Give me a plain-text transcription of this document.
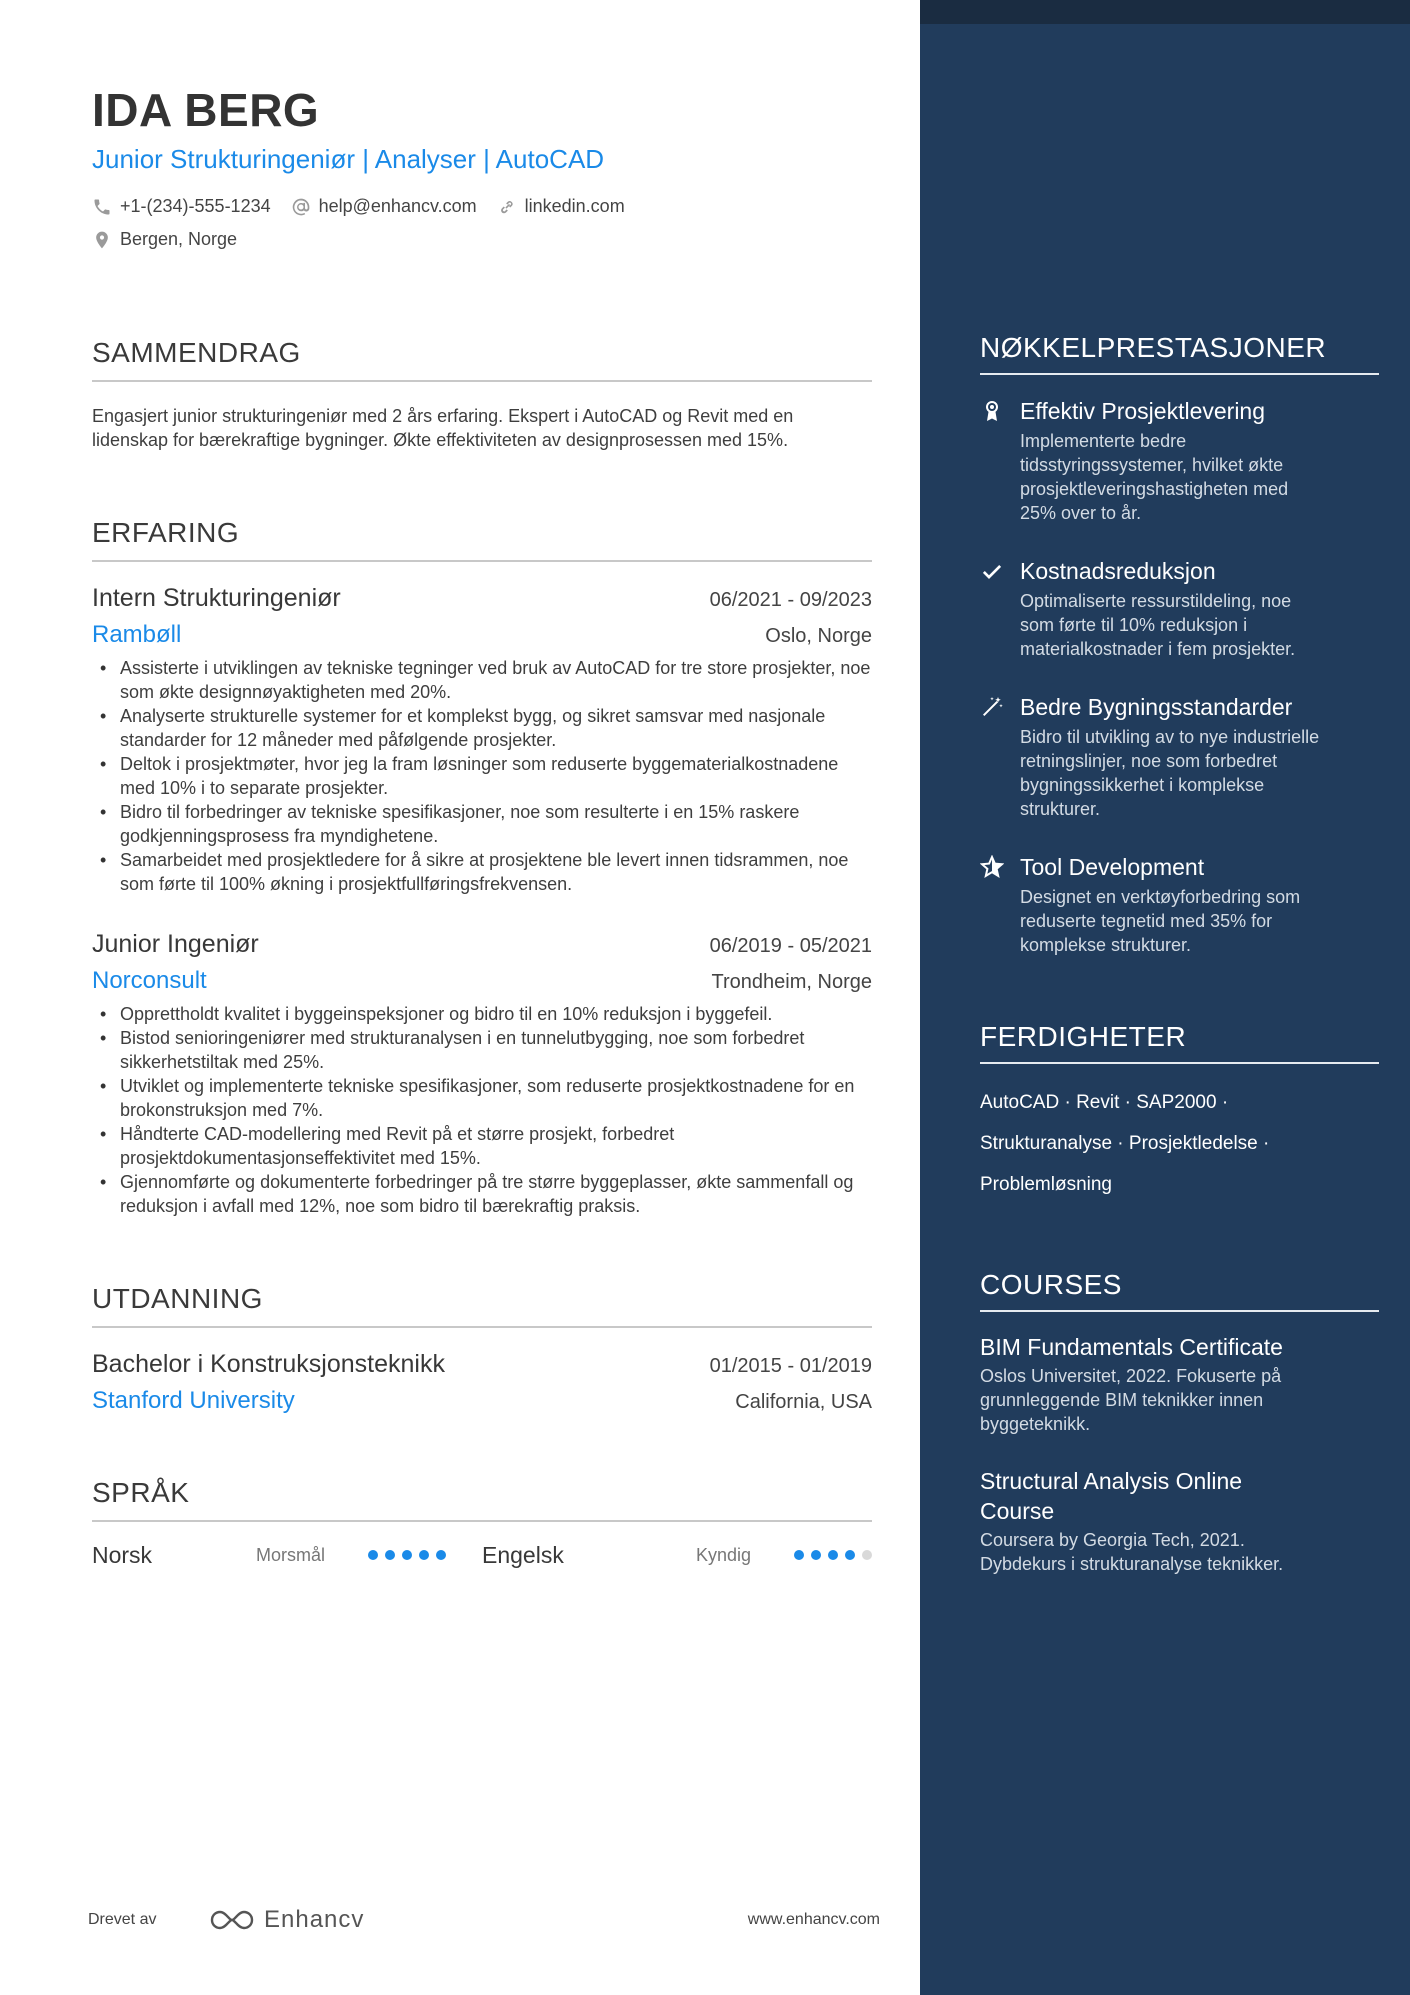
IDA BERG
Junior Strukturingeniør | Analyser | AutoCAD
+1-(234)-555-1234	help@enhancv.com	linkedin.com
Bergen, Norge
SAMMENDRAG
Engasjert junior strukturingeniør med 2 års erfaring. Ekspert i AutoCAD og Revit med en lidenskap for bærekraftige bygninger. Økte effektiviteten av designprosessen med 15%.
ERFARING
Intern Strukturingeniør	06/2021 - 09/2023
Rambøll	Oslo, Norge
• Assisterte i utviklingen av tekniske tegninger ved bruk av AutoCAD for tre store prosjekter, noe som økte designnøyaktigheten med 20%.
• Analyserte strukturelle systemer for et komplekst bygg, og sikret samsvar med nasjonale standarder for 12 måneder med påfølgende prosjekter.
• Deltok i prosjektmøter, hvor jeg la fram løsninger som reduserte byggematerialkostnadene med 10% i to separate prosjekter.
• Bidro til forbedringer av tekniske spesifikasjoner, noe som resulterte i en 15% raskere godkjenningsprosess fra myndighetene.
• Samarbeidet med prosjektledere for å sikre at prosjektene ble levert innen tidsrammen, noe som førte til 100% økning i prosjektfullføringsfrekvensen.
Junior Ingeniør	06/2019 - 05/2021
Norconsult	Trondheim, Norge
• Opprettholdt kvalitet i byggeinspeksjoner og bidro til en 10% reduksjon i byggefeil.
• Bistod senioringeniører med strukturanalysen i en tunnelutbygging, noe som forbedret sikkerhetstiltak med 25%.
• Utviklet og implementerte tekniske spesifikasjoner, som reduserte prosjektkostnadene for en brokonstruksjon med 7%.
• Håndterte CAD-modellering med Revit på et større prosjekt, forbedret prosjektdokumentasjonseffektivitet med 15%.
• Gjennomførte og dokumenterte forbedringer på tre større byggeplasser, økte sammenfall og reduksjon i avfall med 12%, noe som bidro til bærekraftig praksis.
UTDANNING
Bachelor i Konstruksjonsteknikk	01/2015 - 01/2019
Stanford University	California, USA
SPRÅK
Norsk	Morsmål	Engelsk	Kyndig
Drevet av	Enhancv	www.enhancv.com
NØKKELPRESTASJONER
Effektiv Prosjektlevering
Implementerte bedre tidsstyringssystemer, hvilket økte prosjektleveringshastigheten med 25% over to år.
Kostnadsreduksjon
Optimaliserte ressurstildeling, noe som førte til 10% reduksjon i materialkostnader i fem prosjekter.
Bedre Bygningsstandarder
Bidro til utvikling av to nye industrielle retningslinjer, noe som forbedret bygningssikkerhet i komplekse strukturer.
Tool Development
Designet en verktøyforbedring som reduserte tegnetid med 35% for komplekse strukturer.
FERDIGHETER
AutoCAD · Revit · SAP2000 ·
Strukturanalyse · Prosjektledelse ·
Problemløsning
COURSES
BIM Fundamentals Certificate
Oslos Universitet, 2022. Fokuserte på grunnleggende BIM teknikker innen byggeteknikk.
Structural Analysis Online Course
Coursera by Georgia Tech, 2021. Dybdekurs i strukturanalyse teknikker.
